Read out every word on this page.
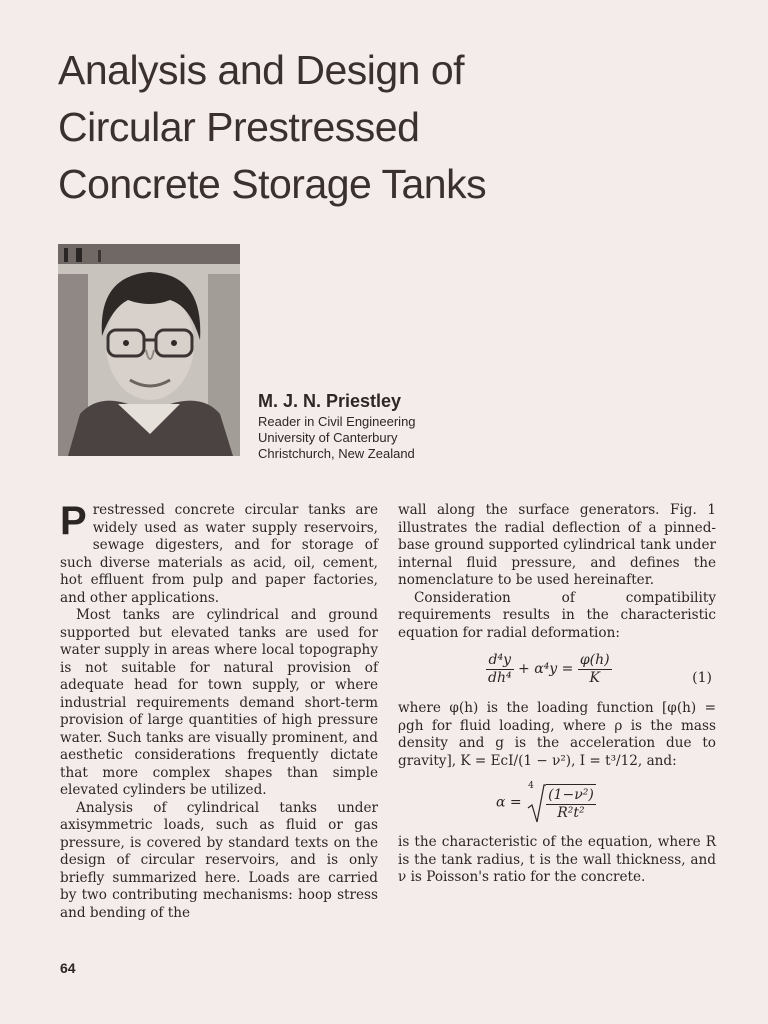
Analysis and Design of
Circular Prestressed
Concrete Storage Tanks
M. J. N. Priestley
Reader in Civil Engineering
University of Canterbury
Christchurch, New Zealand

Prestressed concrete circular tanks are widely used as water supply reservoirs, sewage digesters, and for storage of such diverse materials as acid, oil, cement, hot effluent from pulp and paper factories, and other applications.

Most tanks are cylindrical and ground supported but elevated tanks are used for water supply in areas where local topography is not suitable for natural provision of adequate head for town supply, or where industrial requirements demand short-term provision of large quantities of high pressure water. Such tanks are visually prominent, and aesthetic considerations frequently dictate that more complex shapes than simple elevated cylinders be utilized.

Analysis of cylindrical tanks under axisymmetric loads, such as fluid or gas pressure, is covered by standard texts on the design of circular reservoirs, and is only briefly summarized here. Loads are carried by two contributing mechanisms: hoop stress and bending of the

wall along the surface generators. Fig. 1 illustrates the radial deflection of a pinned-base ground supported cylindrical tank under internal fluid pressure, and defines the nomenclature to be used hereinafter.

Consideration of compatibility requirements results in the characteristic equation for radial deformation:

$\frac{\text{d⁴y}}{\text{dh⁴}} + \alpha^4y = \frac{\varphi(h)}{K}$	(1)

where φ(h) is the loading function [φ(h) = ρgh for fluid loading, where ρ is the mass density and g is the acceleration due to gravity], K = EcI/(1 − ν²), I = t³/12, and:

α =
4
$\frac{\text{(1−ν²)}}{\text{R²t²}}$

is the characteristic of the equation, where R is the tank radius, t is the wall thickness, and ν is Poisson's ratio for the concrete.

64
